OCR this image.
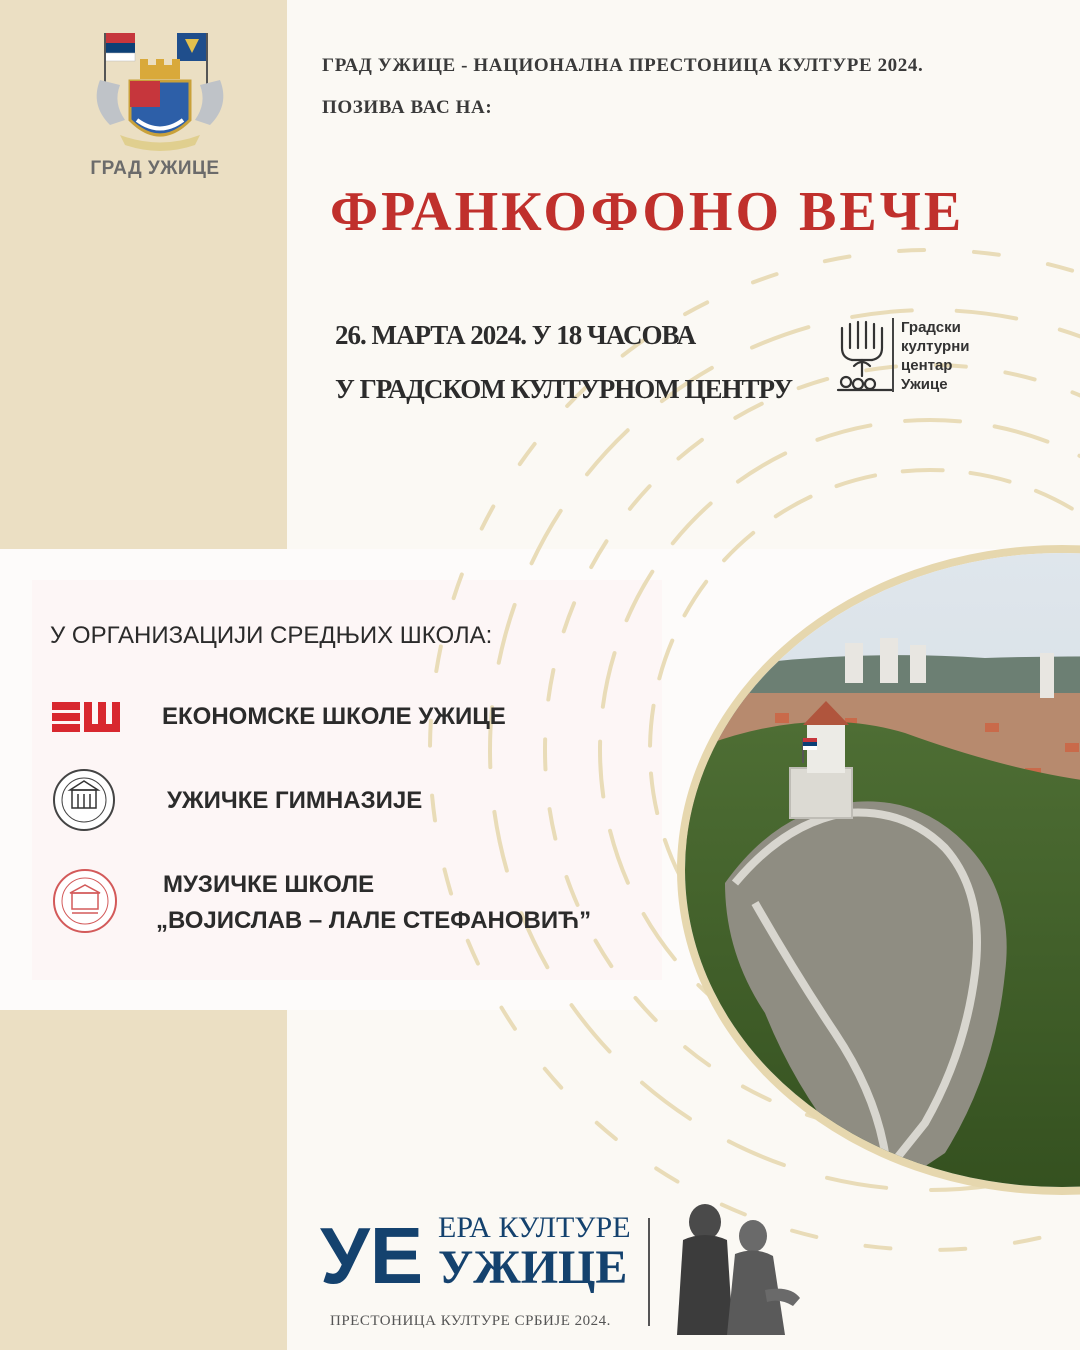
ГРАД УЖИЦЕ
ГРАД УЖИЦЕ - НАЦИОНАЛНА ПРЕСТОНИЦА КУЛТУРЕ 2024.
ПОЗИВА ВАС НА:
ФРАНКОФОНО ВЕЧЕ
26. МАРТА 2024. У 18 ЧАСОВА
У ГРАДСКОМ КУЛТУРНОМ ЦЕНТРУ
Градски
културни
центар
Ужице
У ОРГАНИЗАЦИЈИ СРЕДЊИХ ШКОЛА:
ЕКОНОМСКЕ ШКОЛЕ УЖИЦЕ
УЖИЧКЕ ГИМНАЗИЈЕ
МУЗИЧКЕ ШКОЛЕ
„ВОЈИСЛАВ – ЛАЛЕ СТЕФАНОВИЋ”
УЕ ЕРА КУЛТУРЕ
УЖИЦЕ
ПРЕСТОНИЦА КУЛТУРЕ СРБИЈЕ 2024.
